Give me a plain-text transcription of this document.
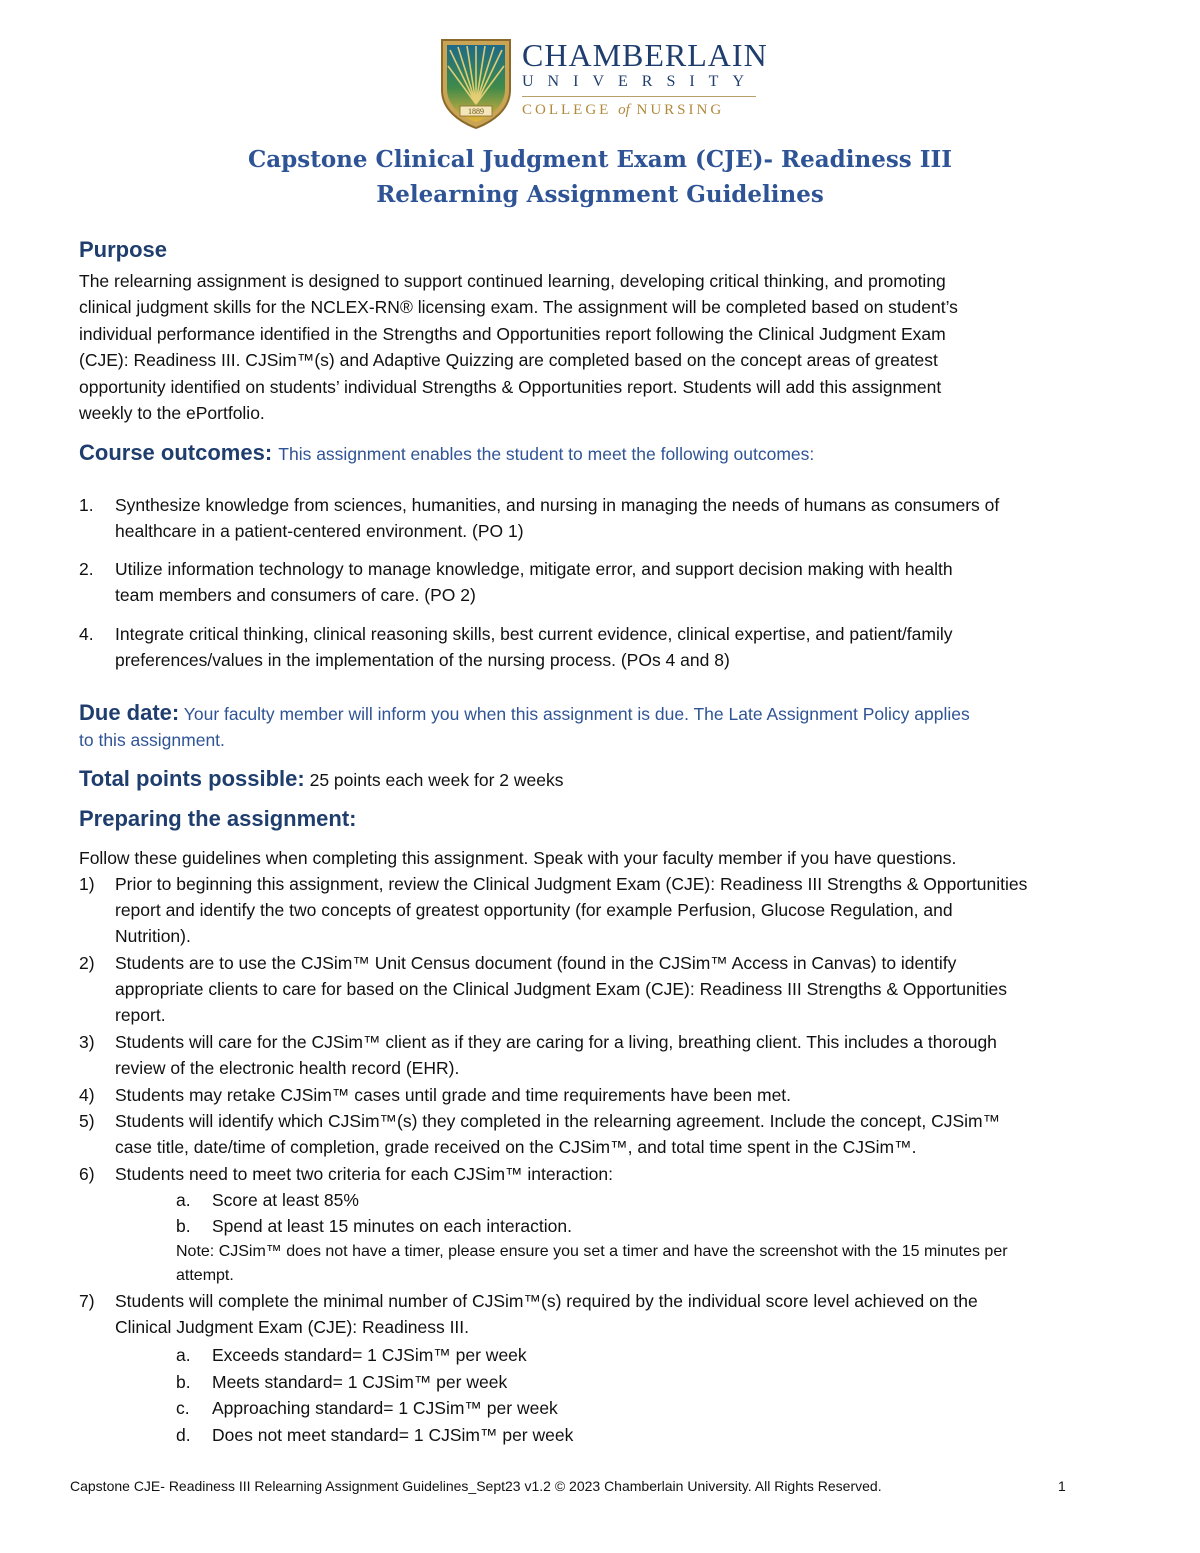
1889
CHAMBERLAIN
UNIVERSITY
COLLEGE of NURSING
Capstone Clinical Judgment Exam (CJE)- Readiness III
Relearning Assignment Guidelines
Purpose
The relearning assignment is designed to support continued learning, developing critical thinking, and promoting
clinical judgment skills for the NCLEX-RN® licensing exam. The assignment will be completed based on student’s
individual performance identified in the Strengths and Opportunities report following the Clinical Judgment Exam
(CJE): Readiness III. CJSim™(s) and Adaptive Quizzing are completed based on the concept areas of greatest
opportunity identified on students’ individual Strengths & Opportunities report. Students will add this assignment
weekly to the ePortfolio.
Course outcomes: This assignment enables the student to meet the following outcomes:
1.	Synthesize knowledge from sciences, humanities, and nursing in managing the needs of humans as consumers of
healthcare in a patient-centered environment. (PO 1)
2.	Utilize information technology to manage knowledge, mitigate error, and support decision making with health
team members and consumers of care. (PO 2)
4.	Integrate critical thinking, clinical reasoning skills, best current evidence, clinical expertise, and patient/family
preferences/values in the implementation of the nursing process. (POs 4 and 8)
Due date: Your faculty member will inform you when this assignment is due. The Late Assignment Policy applies
to this assignment.
Total points possible: 25 points each week for 2 weeks
Preparing the assignment:
Follow these guidelines when completing this assignment. Speak with your faculty member if you have questions.
1)	Prior to beginning this assignment, review the Clinical Judgment Exam (CJE): Readiness III Strengths & Opportunities
report and identify the two concepts of greatest opportunity (for example Perfusion, Glucose Regulation, and
Nutrition).
2)	Students are to use the CJSim™ Unit Census document (found in the CJSim™ Access in Canvas) to identify
appropriate clients to care for based on the Clinical Judgment Exam (CJE): Readiness III Strengths & Opportunities
report.
3)	Students will care for the CJSim™ client as if they are caring for a living, breathing client. This includes a thorough
review of the electronic health record (EHR).
4)	Students may retake CJSim™ cases until grade and time requirements have been met.
5)	Students will identify which CJSim™(s) they completed in the relearning agreement. Include the concept, CJSim™
case title, date/time of completion, grade received on the CJSim™, and total time spent in the CJSim™.
6)	Students need to meet two criteria for each CJSim™ interaction:
a.	Score at least 85%
b.	Spend at least 15 minutes on each interaction.
Note: CJSim™ does not have a timer, please ensure you set a timer and have the screenshot with the 15 minutes per
attempt.
7)	Students will complete the minimal number of CJSim™(s) required by the individual score level achieved on the
Clinical Judgment Exam (CJE): Readiness III.
a.	Exceeds standard= 1 CJSim™ per week
b.	Meets standard= 1 CJSim™ per week
c.	Approaching standard= 1 CJSim™ per week
d.	Does not meet standard= 1 CJSim™ per week
Capstone CJE- Readiness III Relearning Assignment Guidelines_Sept23 v1.2 © 2023 Chamberlain University. All Rights Reserved.	1
